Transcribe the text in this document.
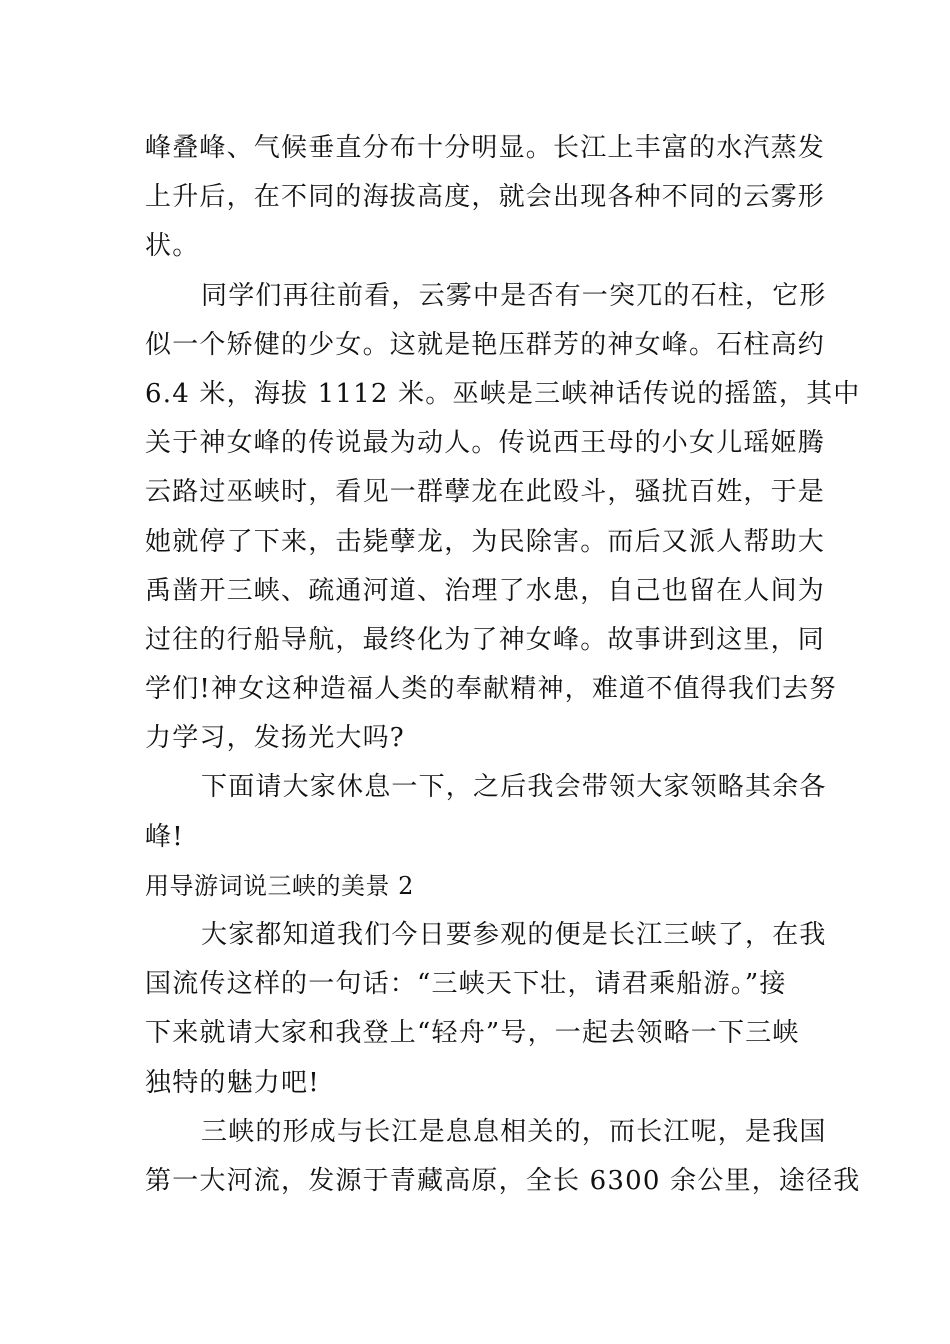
峰叠峰、气候垂直分布十分明显。长江上丰富的水汽蒸发
上升后，在不同的海拔高度，就会出现各种不同的云雾形
状。
同学们再往前看，云雾中是否有一突兀的石柱，它形
似一个矫健的少女。这就是艳压群芳的神女峰。石柱高约
6.4 米，海拔 1112 米。巫峡是三峡神话传说的摇篮，其中
关于神女峰的传说最为动人。传说西王母的小女儿瑶姬腾
云路过巫峡时，看见一群孽龙在此殴斗，骚扰百姓，于是
她就停了下来，击毙孽龙，为民除害。而后又派人帮助大
禹凿开三峡、疏通河道、治理了水患，自己也留在人间为
过往的行船导航，最终化为了神女峰。故事讲到这里，同
学们!神女这种造福人类的奉献精神，难道不值得我们去努
力学习，发扬光大吗?
下面请大家休息一下，之后我会带领大家领略其余各
峰!
用导游词说三峡的美景 2
大家都知道我们今日要参观的便是长江三峡了，在我
国流传这样的一句话：“三峡天下壮，请君乘船游。”接
下来就请大家和我登上“轻舟”号，一起去领略一下三峡
独特的魅力吧!
三峡的形成与长江是息息相关的，而长江呢，是我国
第一大河流，发源于青藏高原，全长 6300 余公里，途径我
